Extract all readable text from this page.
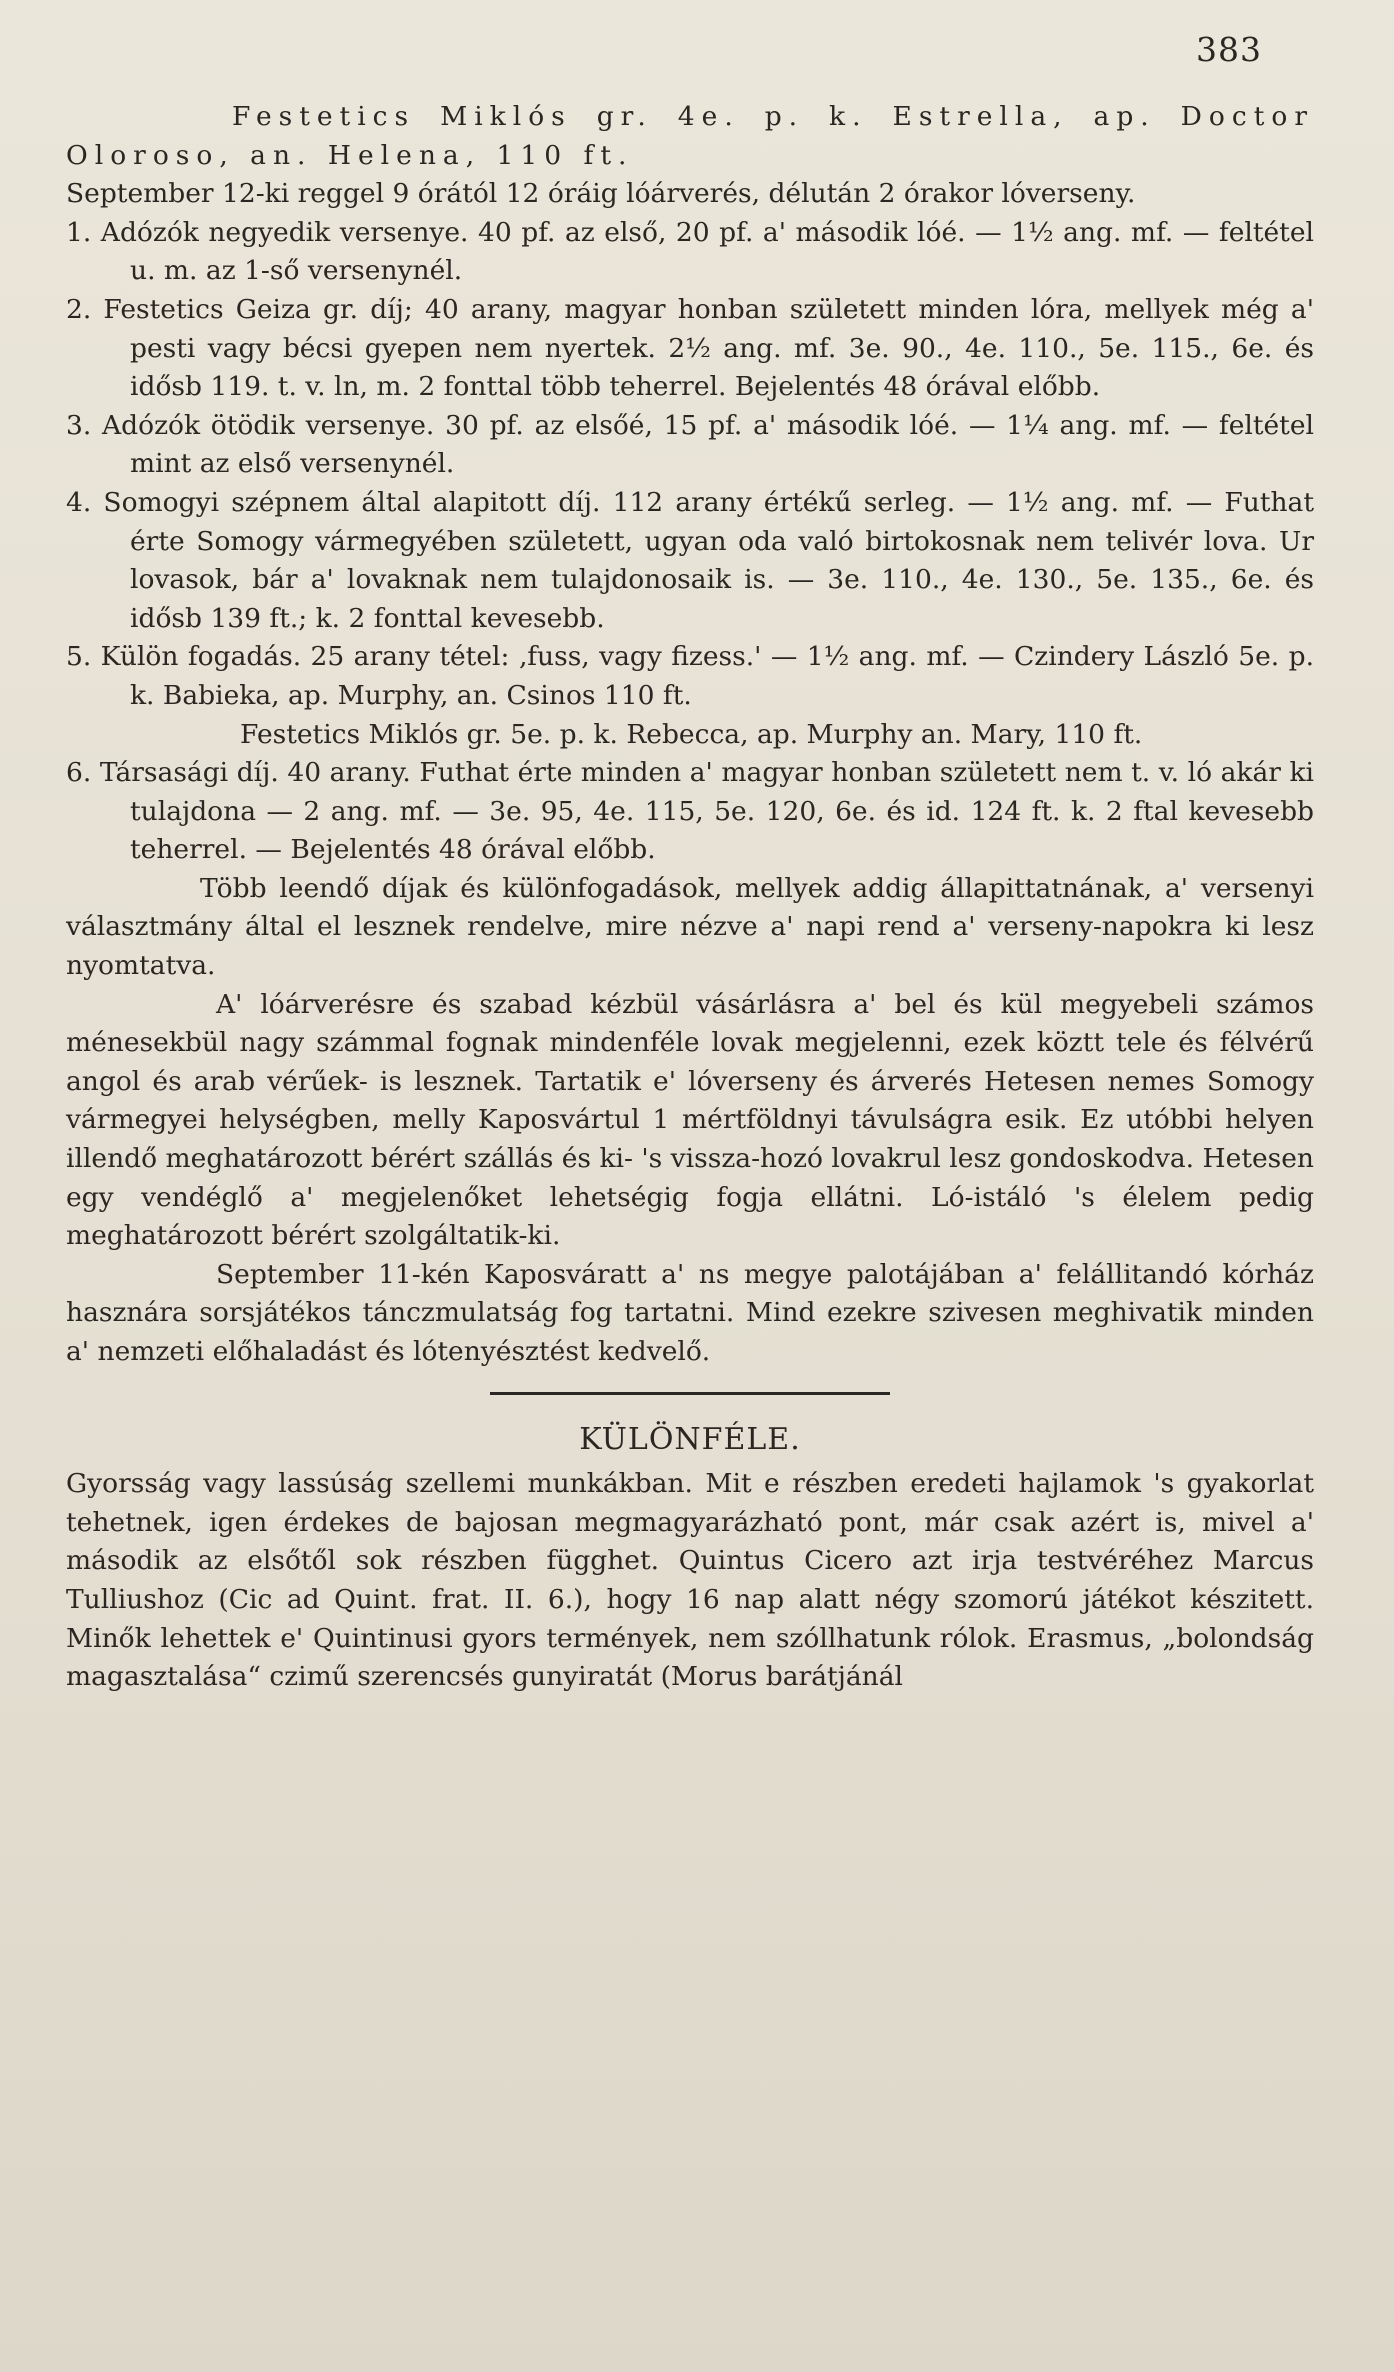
383

Festetics Miklós gr. 4e. p. k. Estrella, ap. Doctor Oloroso, an. Helena, 110 ft.

September 12-ki reggel 9 órától 12 óráig lóárverés, délután 2 órakor lóverseny.

1. Adózók negyedik versenye. 40 pf. az első, 20 pf. a' második lóé. — 1½ ang. mf. — feltétel u. m. az 1-ső versenynél.

2. Festetics Geiza gr. díj; 40 arany, magyar honban született minden lóra, mellyek még a' pesti vagy bécsi gyepen nem nyertek. 2½ ang. mf. 3e. 90., 4e. 110., 5e. 115., 6e. és idősb 119. t. v. ln, m. 2 fonttal több teherrel. Bejelentés 48 órával előbb.

3. Adózók ötödik versenye. 30 pf. az elsőé, 15 pf. a' második lóé. — 1¼ ang. mf. — feltétel mint az első versenynél.

4. Somogyi szépnem által alapitott díj. 112 arany értékű serleg. — 1½ ang. mf. — Futhat érte Somogy vármegyében született, ugyan oda való birtokosnak nem telivér lova. Ur lovasok, bár a' lovaknak nem tulajdonosaik is. — 3e. 110., 4e. 130., 5e. 135., 6e. és idősb 139 ft.; k. 2 fonttal kevesebb.

5. Külön fogadás. 25 arany tétel: ‚fuss, vagy fizess.' — 1½ ang. mf. — Czindery László 5e. p. k. Babieka, ap. Murphy, an. Csinos 110 ft.

Festetics Miklós gr. 5e. p. k. Rebecca, ap. Murphy an. Mary, 110 ft.

6. Társasági díj. 40 arany. Futhat érte minden a' magyar honban született nem t. v. ló akár ki tulajdona — 2 ang. mf. — 3e. 95, 4e. 115, 5e. 120, 6e. és id. 124 ft. k. 2 ftal kevesebb teherrel. — Bejelentés 48 órával előbb.

Több leendő díjak és különfogadások, mellyek addig állapittatnának, a' versenyi választmány által el lesznek rendelve, mire nézve a' napi rend a' verseny-napokra ki lesz nyomtatva.

A' lóárverésre és szabad kézbül vásárlásra a' bel és kül megyebeli számos ménesekbül nagy számmal fognak mindenféle lovak megjelenni, ezek köztt tele és félvérű angol és arab vérűek- is lesznek. Tartatik e' lóverseny és árverés Hetesen nemes Somogy vármegyei helységben, melly Kaposvártul 1 mértföldnyi távulságra esik. Ez utóbbi helyen illendő meghatározott bérért szállás és ki- 's vissza-hozó lovakrul lesz gondoskodva. Hetesen egy vendéglő a' megjelenőket lehetségig fogja ellátni. Ló-istáló 's élelem pedig meghatározott bérért szolgáltatik-ki.

September 11-kén Kaposváratt a' ns megye palotájában a' felállitandó kórház hasznára sorsjátékos tánczmulatság fog tartatni. Mind ezekre szivesen meghivatik minden a' nemzeti előhaladást és lótenyésztést kedvelő.

KÜLÖNFÉLE.

Gyorsság vagy lassúság szellemi munkákban. Mit e részben eredeti hajlamok 's gyakorlat tehetnek, igen érdekes de bajosan megmagyarázható pont, már csak azért is, mivel a' második az elsőtől sok részben függhet. Quintus Cicero azt irja testvéréhez Marcus Tulliushoz (Cic ad Quint. frat. II. 6.), hogy 16 nap alatt négy szomorú játékot készitett. Minők lehettek e' Quintinusi gyors termények, nem szóllhatunk rólok. Erasmus, „bolondság magasztalása“ czimű szerencsés gunyiratát (Morus barátjánál
